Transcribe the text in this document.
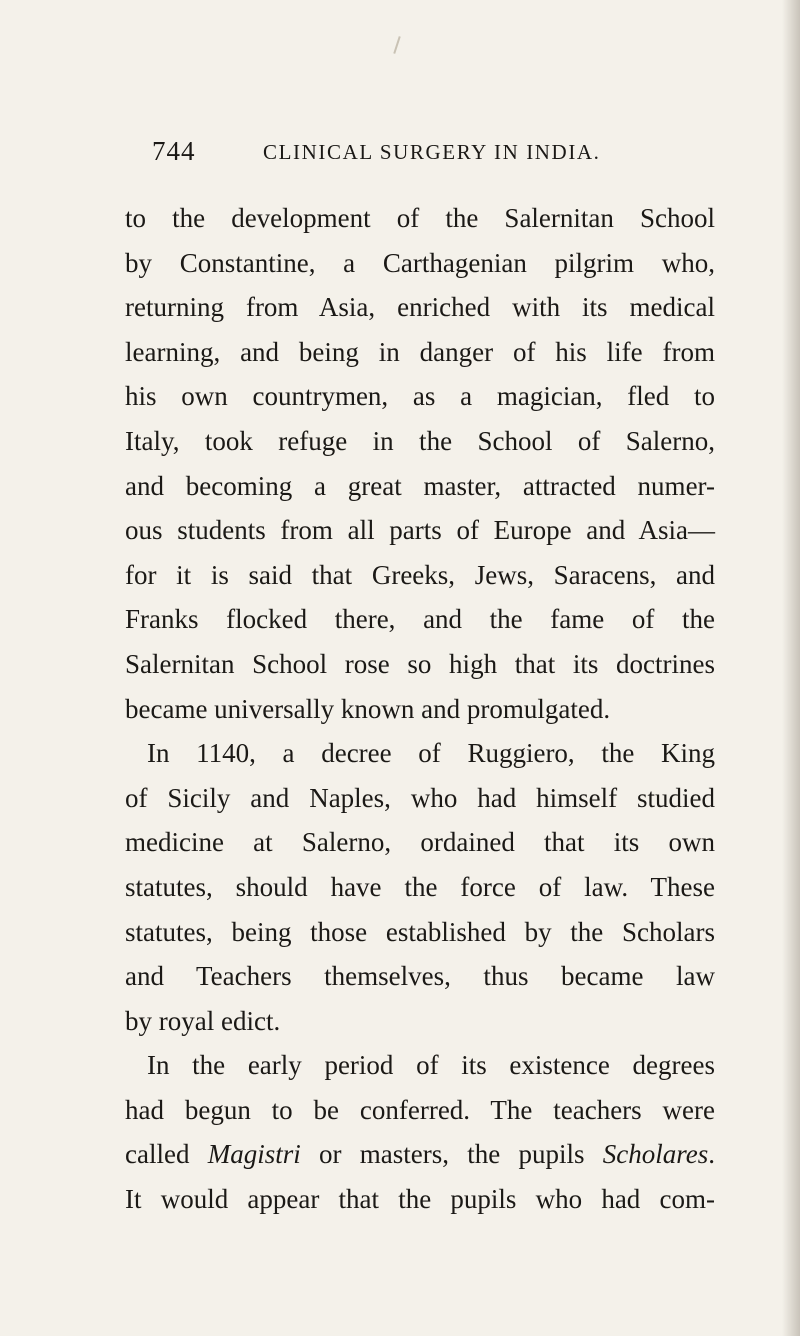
744	CLINICAL SURGERY IN INDIA.
to the development of the Salernitan School
by Constantine, a Carthagenian pilgrim who,
returning from Asia, enriched with its medical
learning, and being in danger of his life from
his own countrymen, as a magician, fled to
Italy, took refuge in the School of Salerno,
and becoming a great master, attracted numer-
ous students from all parts of Europe and Asia—
for it is said that Greeks, Jews, Saracens, and
Franks flocked there, and the fame of the
Salernitan School rose so high that its doctrines
became universally known and promulgated.
In 1140, a decree of Ruggiero, the King
of Sicily and Naples, who had himself studied
medicine at Salerno, ordained that its own
statutes, should have the force of law. These
statutes, being those established by the Scholars
and Teachers themselves, thus became law
by royal edict.
In the early period of its existence degrees
had begun to be conferred. The teachers were
called Magistri or masters, the pupils Scholares.
It would appear that the pupils who had com-
